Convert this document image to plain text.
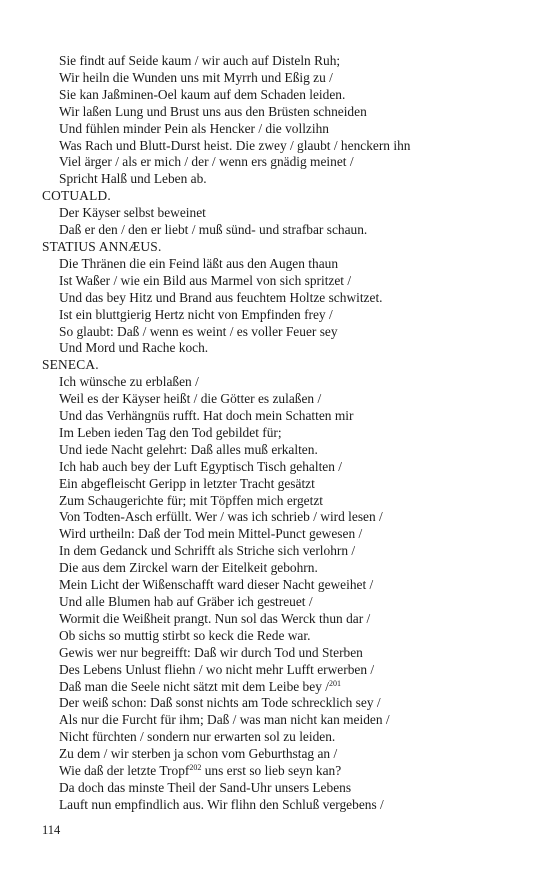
Sie findt auf Seide kaum / wir auch auf Disteln Ruh;
Wir heiln die Wunden uns mit Myrrh und Eßig zu /
Sie kan Jaßminen-Oel kaum auf dem Schaden leiden.
Wir laßen Lung und Brust uns aus den Brüsten schneiden
Und fühlen minder Pein als Hencker / die vollzihn
Was Rach und Blutt-Durst heist. Die zwey / glaubt / henckern ihn
Viel ärger / als er mich / der / wenn ers gnädig meinet /
Spricht Halß und Leben ab.
COTUALD.
Der Käyser selbst beweinet
Daß er den / den er liebt / muß sünd- und strafbar schaun.
STATIUS ANNÆUS.
Die Thränen die ein Feind läßt aus den Augen thaun
Ist Waßer / wie ein Bild aus Marmel von sich spritzet /
Und das bey Hitz und Brand aus feuchtem Holtze schwitzet.
Ist ein bluttgierig Hertz nicht von Empfinden frey /
So glaubt: Daß / wenn es weint / es voller Feuer sey
Und Mord und Rache koch.
SENECA.
Ich wünsche zu erblaßen /
Weil es der Käyser heißt / die Götter es zulaßen /
Und das Verhängnüs rufft. Hat doch mein Schatten mir
Im Leben ieden Tag den Tod gebildet für;
Und iede Nacht gelehrt: Daß alles muß erkalten.
Ich hab auch bey der Luft Egyptisch Tisch gehalten /
Ein abgefleischt Geripp in letzter Tracht gesätzt
Zum Schaugerichte für; mit Töpffen mich ergetzt
Von Todten-Asch erfüllt. Wer / was ich schrieb / wird lesen /
Wird urtheiln: Daß der Tod mein Mittel-Punct gewesen /
In dem Gedanck und Schrifft als Striche sich verlohrn /
Die aus dem Zirckel warn der Eitelkeit gebohrn.
Mein Licht der Wißenschafft ward dieser Nacht geweihet /
Und alle Blumen hab auf Gräber ich gestreuet /
Wormit die Weißheit prangt. Nun sol das Werck thun dar /
Ob sichs so muttig stirbt so keck die Rede war.
Gewis wer nur begreifft: Daß wir durch Tod und Sterben
Des Lebens Unlust fliehn / wo nicht mehr Lufft erwerben /
Daß man die Seele nicht sätzt mit dem Leibe bey /$^{201}$
Der weiß schon: Daß sonst nichts am Tode schrecklich sey /
Als nur die Furcht für ihm; Daß / was man nicht kan meiden /
Nicht fürchten / sondern nur erwarten sol zu leiden.
Zu dem / wir sterben ja schon vom Geburthstag an /
Wie daß der letzte Tropf$^{202}$ uns erst so lieb seyn kan?
Da doch das minste Theil der Sand-Uhr unsers Lebens
Lauft nun empfindlich aus. Wir flihn den Schluß vergebens /
114
